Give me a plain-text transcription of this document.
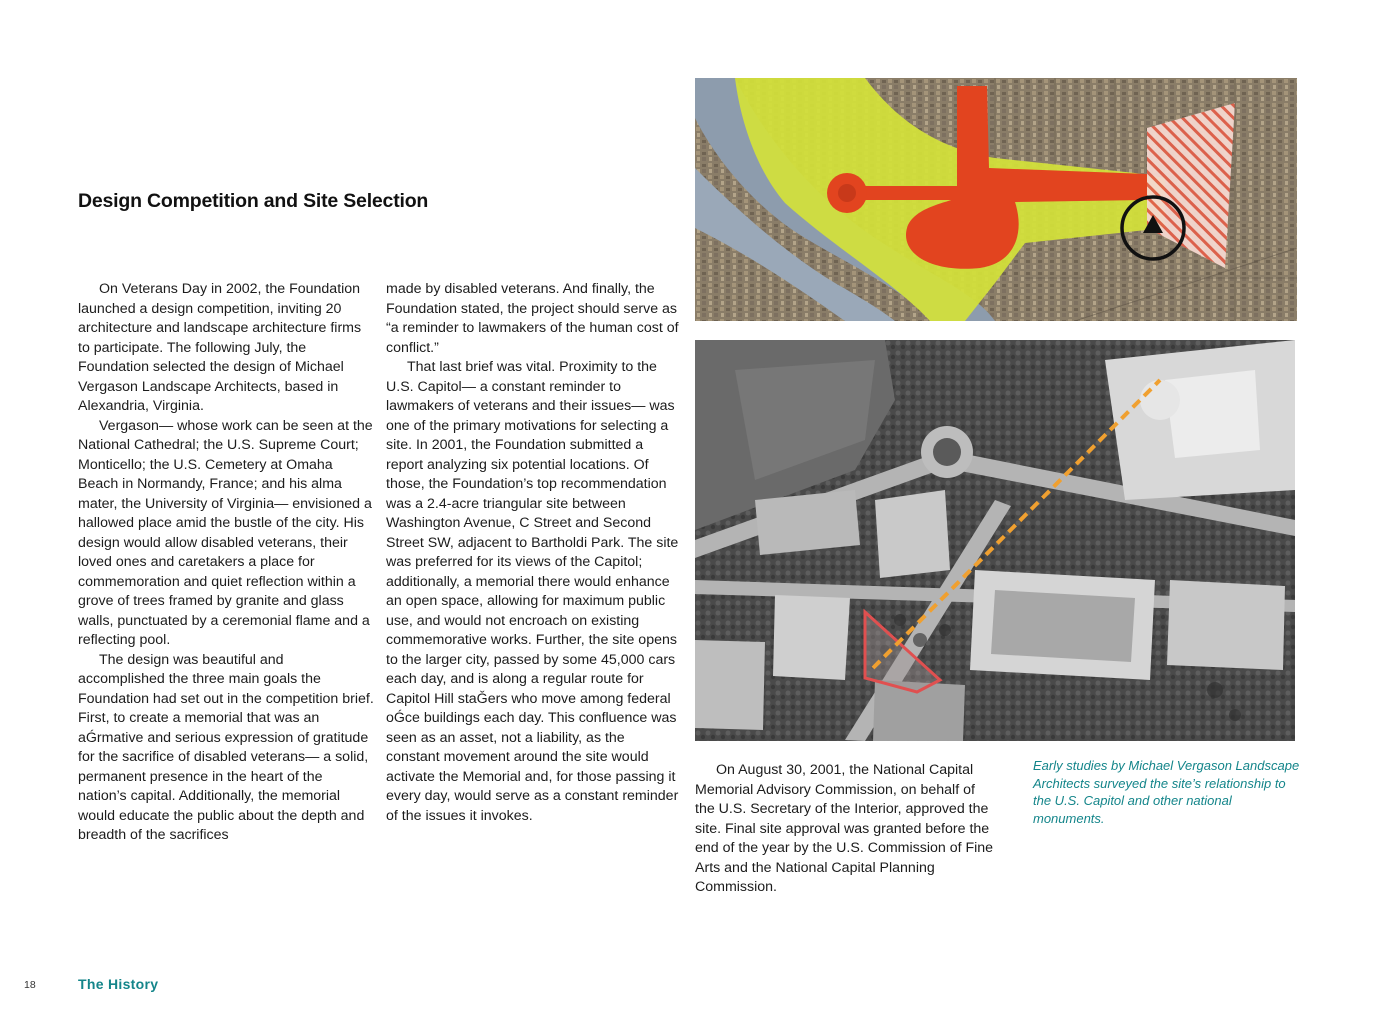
Design Competition and Site Selection

On Veterans Day in 2002, the Foundation launched a design competition, inviting 20 architecture and landscape architecture firms to participate. The following July, the Foundation selected the design of Michael Vergason Landscape Architects, based in Alexandria, Virginia.

Vergason— whose work can be seen at the National Cathedral; the U.S. Supreme Court; Monticello; the U.S. Cemetery at Omaha Beach in Normandy, France; and his alma mater, the University of Virginia— envisioned a hallowed place amid the bustle of the city. His design would allow disabled veterans, their loved ones and caretakers a place for commemoration and quiet reflection within a grove of trees framed by granite and glass walls, punctuated by a ceremonial flame and a reflecting pool.

The design was beautiful and accomplished the three main goals the Foundation had set out in the competition brief. First, to create a memorial that was an aǴrmative and serious expression of gratitude for the sacrifice of disabled veterans— a solid, permanent presence in the heart of the nation’s capital. Additionally, the memorial would educate the public about the depth and breadth of the sacrifices

made by disabled veterans. And finally, the Foundation stated, the project should serve as “a reminder to lawmakers of the human cost of conflict.”

That last brief was vital. Proximity to the U.S. Capitol— a constant reminder to lawmakers of veterans and their issues— was one of the primary motivations for selecting a site. In 2001, the Foundation submitted a report analyzing six potential locations. Of those, the Foundation’s top recommendation was a 2.4-acre triangular site between Washington Avenue, C Street and Second Street SW, adjacent to Bartholdi Park. The site was preferred for its views of the Capitol; additionally, a memorial there would enhance an open space, allowing for maximum public use, and would not encroach on existing commemorative works. Further, the site opens to the larger city, passed by some 45,000 cars each day, and is along a regular route for Capitol Hill staǦers who move among federal oǴce buildings each day. This confluence was seen as an asset, not a liability, as the constant movement around the site would activate the Memorial and, for those passing it every day, would serve as a constant reminder of the issues it invokes.

On August 30, 2001, the National Capital Memorial Advisory Commission, on behalf of the U.S. Secretary of the Interior, approved the site. Final site approval was granted before the end of the year by the U.S. Commission of Fine Arts and the National Capital Planning Commission.

Early studies by Michael Vergason Landscape Architects surveyed the site’s relationship to the U.S. Capitol and other national monuments.

18	The History
